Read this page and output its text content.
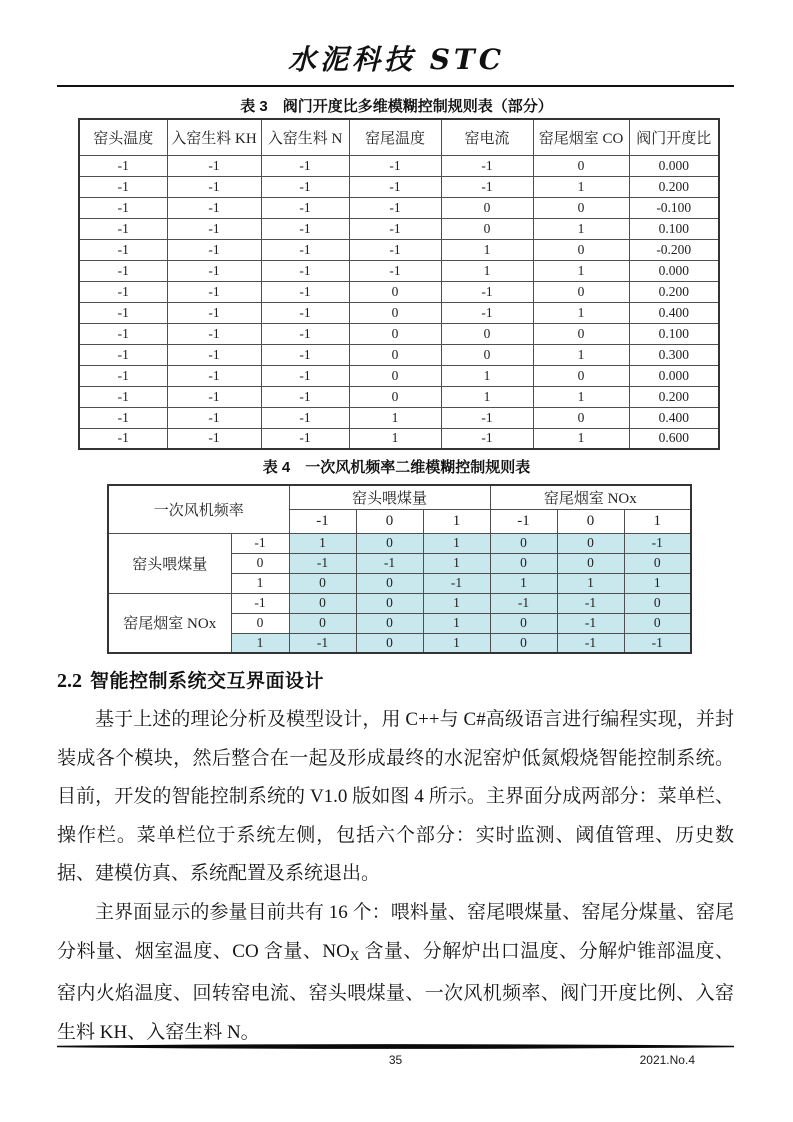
水泥科技 STC
表 3　阀门开度比多维模糊控制规则表（部分）
窑头温度	入窑生料 KH	入窑生料 N	窑尾温度	窑电流	窑尾烟室 CO	阀门开度比
-1	-1	-1	-1	-1	0	0.000
-1	-1	-1	-1	-1	1	0.200
-1	-1	-1	-1	0	0	-0.100
-1	-1	-1	-1	0	1	0.100
-1	-1	-1	-1	1	0	-0.200
-1	-1	-1	-1	1	1	0.000
-1	-1	-1	0	-1	0	0.200
-1	-1	-1	0	-1	1	0.400
-1	-1	-1	0	0	0	0.100
-1	-1	-1	0	0	1	0.300
-1	-1	-1	0	1	0	0.000
-1	-1	-1	0	1	1	0.200
-1	-1	-1	1	-1	0	0.400
-1	-1	-1	1	-1	1	0.600
表 4　一次风机频率二维模糊控制规则表
一次风机频率		窑头喂煤量			窑尾烟室 NOx		
		-1	0	1	-1	0	1
窑头喂煤量	-1	1	0	1	0	0	-1
	0	-1	-1	1	0	0	0
	1	0	0	-1	1	1	1
窑尾烟室 NOx	-1	0	0	1	-1	-1	0
	0	0	0	1	0	-1	0
	1	-1	0	1	0	-1	-1
2.2 智能控制系统交互界面设计

基于上述的理论分析及模型设计，用 C++与 C#高级语言进行编程实现，并封装成各个模块，然后整合在一起及形成最终的水泥窑炉低氮煅烧智能控制系统。目前，开发的智能控制系统的 V1.0 版如图 4 所示。主界面分成两部分：菜单栏、操作栏。菜单栏位于系统左侧，包括六个部分：实时监测、阈值管理、历史数据、建模仿真、系统配置及系统退出。

主界面显示的参量目前共有 16 个：喂料量、窑尾喂煤量、窑尾分煤量、窑尾分料量、烟室温度、CO 含量、NOX 含量、分解炉出口温度、分解炉锥部温度、窑内火焰温度、回转窑电流、窑头喂煤量、一次风机频率、阀门开度比例、入窑生料 KH、入窑生料 N。

35	2021.No.4
